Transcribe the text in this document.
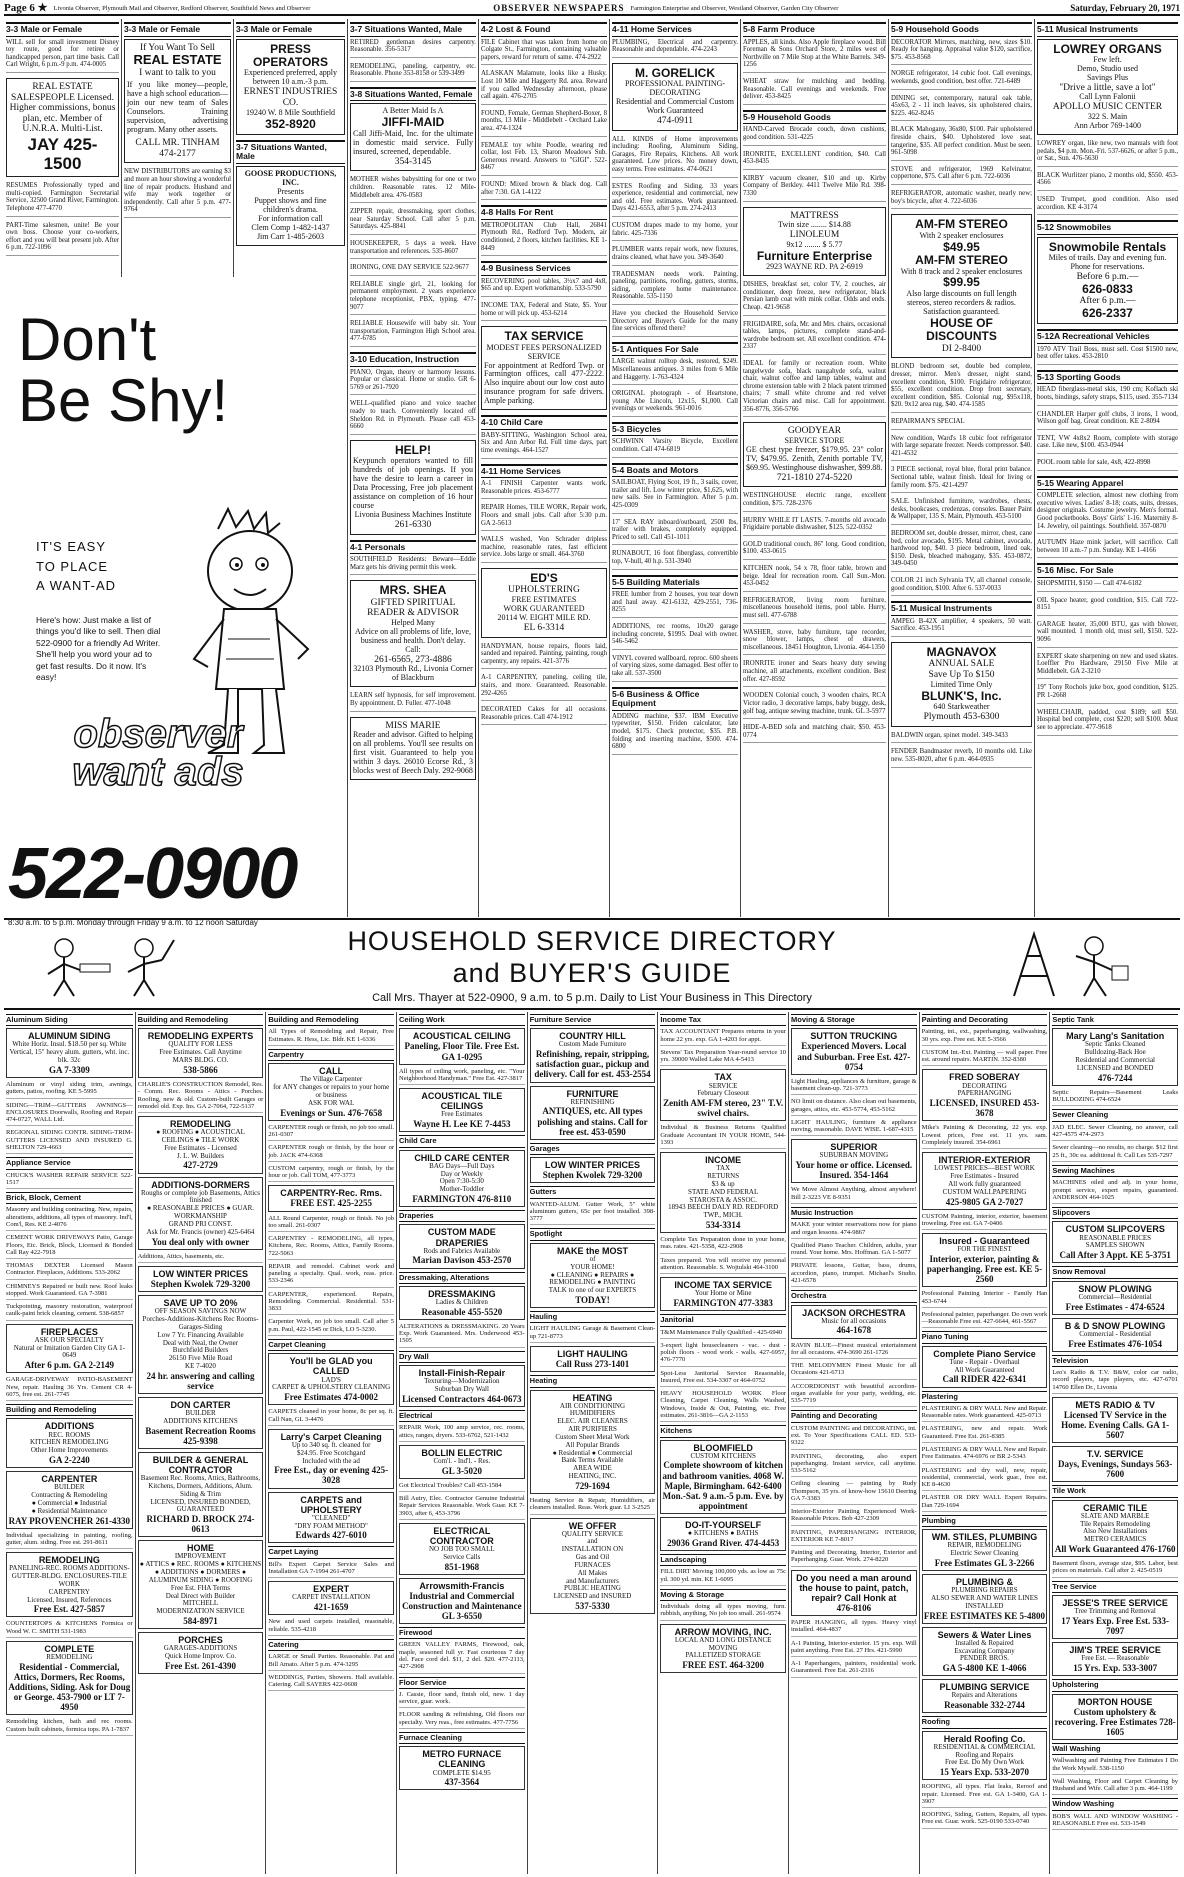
Page 6 ★ Livonia Observer, Plymouth Mail and Observer, Redford Observer, Southfield News and Observer	OBSERVER NEWSPAPERS Farmington Enterprise and Observer, Westland Observer, Garden City Observer	Saturday, February 20, 1971
3-3 Male or Female
WILL sell for small investment Disney toy route, good for retiree or handicapped person, part time basis. Call Carl Wright, 6 p.m.-9 p.m. 474-0005
REAL ESTATE SALESPEOPLE Licensed. Higher commissions, bonus plan, etc. Member of U.N.R.A. Multi-List.
JAY 425-1500
RESUMES Professionally typed and multi-copied. Farmington Secretarial Service, 32500 Grand River, Farmington. Telephone 477-4770
PART-Time salesmen, unite! Be your own boss. Choose your co-workers, effort and you will beat present job. After 6 p.m. 722-1096
3-3 Male or Female
If You Want To Sell
REAL ESTATE
I want to talk to you
If you like money—people, have a high school education—join our new team of Sales Counselors. Training supervision, advertising program. Many other assets.
CALL MR. TINHAM
474-2177
NEW DISTRIBUTORS are earning $3 and more an hour showing a wonderful line of repair products. Husband and wife may work together or independently. Call after 5 p.m. 477-9764
3-3 Male or Female
PRESS OPERATORS
Experienced preferred, apply between 10 a.m.-3 p.m.
ERNEST INDUSTRIES CO.
19240 W. 8 Mile Southfield
352-8920
3-7 Situations Wanted, Male
GOOSE PRODUCTIONS, INC.
Presents
Puppet shows and fine children's drama.
For information call
Clem Comp 1-482-1437
Jim Carr 1-485-2603
Don't
Be Shy!
IT'S EASY
TO PLACE
A WANT-AD
Here's how: Just make a list of things you'd like to sell. Then dial 522-0900 for a friendly Ad Writer. She'll help you word your ad to get fast results. Do it now. It's easy!
observer
want ads
522-0900
8:30 a.m. to 5 p.m. Monday through Friday 9 a.m. to 12 noon Saturday
3-7 Situations Wanted, Male
RETIRED gentleman desires carpentry. Reasonable. 356-5317
REMODELING, paneling, carpentry, etc. Reasonable. Phone 353-8158 or 539-3499
3-8 Situations Wanted, Female
A Better Maid Is A
JIFFI-MAID
Call Jiffi-Maid, Inc. for the ultimate in domestic maid service. Fully insured, screened, dependable.
354-3145
MOTHER wishes babysitting for one or two children. Reasonable rates. 12 Mile-Middlebelt area. 476-0583
ZIPPER repair, dressmaking, sport clothes, near Saturday School. Call after 5 p.m. Saturdays. 425-8841
HOUSEKEEPER, 5 days a week. Have transportation and references. 535-8607
IRONING, ONE DAY SERVICE 522-9677
RELIABLE single girl, 21, looking for permanent employment. 2 years experience telephone receptionist, PBX, typing. 477-9077
RELIABLE Housewife will baby sit. Your transportation, Farmington High School area. 477-6785
3-10 Education, Instruction
PIANO, Organ, theory or harmony lessons. Popular or classical. Home or studio. GR 6-5769 or 261-7920
WELL-qualified piano and voice teacher ready to teach. Conveniently located off Sheldon Rd. in Plymouth. Please call 453-6660
HELP!
Keypunch operators wanted to fill hundreds of job openings. If you have the desire to learn a career in Data Processing, Free job placement assistance on completion of 16 hour course
Livonia Business Machines Institute
261-6330
4-1 Personals
SOUTHFIELD Residents: Beware—Eddie Marz gets his driving permit this week.
MRS. SHEA
GIFTED SPIRITUAL READER & ADVISOR
Helped Many
Advice on all problems of life, love, business and health. Don't delay. Call:
261-6565, 273-4886
32103 Plymouth Rd., Livonia Corner of Blackburn
LEARN self hypnosis, for self improvement. By appointment. D. Fuller. 477-1048
MISS MARIE
Reader and advisor. Gifted to helping on all problems. You'll see results on first visit. Guaranteed to help you within 3 days. 26010 Ecorse Rd., 3 blocks west of Beech Daly. 292-9068
4-2 Lost & Found
FILE Cabinet that was taken from home on Colgate St., Farmington, containing valuable papers, reward for return of same. 474-2922
ALASKAN Malamute, looks like a Husky. Lost 10 Mile and Haggerty Rd. area. Reward if you called Wednesday afternoon, please call again. 476-2705
FOUND, Female, German Shepherd-Boxer, 8 months, 13 Mile - Middlebelt - Orchard Lake area. 474-1324
FEMALE toy white Poodle, wearing red collar, lost Feb. 13, Sharon Meadows Sub. Generous reward. Answers to "GIGI". 522-8467
FOUND: Mixed brown & black dog. Call after 7:30. GA 1-4122
4-8 Halls For Rent
METROPOLITAN Club Hall, 26841 Plymouth Rd., Redford Twp. Modern, air conditioned, 2 floors, kitchen facilities. KE 1-8449
4-9 Business Services
RECOVERING pool tables, 3½x7 and 4x8, $65 and up. Expert workmanship. 533-5790
INCOME TAX, Federal and State, $5. Your home or will pick up. 453-6214
TAX SERVICE
MODEST FEES PERSONALIZED SERVICE
For appointment at Redford Twp. or Farmington offices, call 477-2222. Also inquire about our low cost auto insurance program for safe drivers. Ample parking.
4-10 Child Care
BABY-SITTING, Washington School area, Six and Ann Arbor Rd. Full time days, part time evenings. 464-1527
4-11 Home Services
A-1 FINISH Carpenter wants work. Reasonable prices. 453-6777
REPAIR Homes, TILE WORK, Repair work, Floors and small jobs. Call after 5:30 p.m. GA 2-5613
WALLS washed, Von Schrader dripless machine, reasonable rates, fast efficient service. Jobs large or small. 464-3760
ED'S
UPHOLSTERING
FREE ESTIMATES
WORK GUARANTEED
20114 W. EIGHT MILE RD.
EL 6-3314
HANDYMAN, house repairs, floors laid, sanded and repaired. Painting, painting, rough carpentry, any repairs. 421-3776
A-1 CARPENTRY, paneling, ceiling tile, stairs, and more. Guaranteed. Reasonable. 292-4265
DECORATED Cakes for all occasions. Reasonable prices. Call 474-1912
4-11 Home Services
PLUMBING, Electrical and carpentry. Reasonable and dependable. 474-2243
M. GORELICK
PROFESSIONAL PAINTING-DECORATING
Residential and Commercial Custom Work Guaranteed
474-0911
ALL KINDS of Home improvements including: Roofing, Aluminum Siding, Garages, Fire Repairs, Kitchens. All work guaranteed. Low prices. No money down, easy terms. Free estimates. 474-0621
ESTES Roofing and Siding. 33 years experience, residential and commercial, new and old. Free estimates. Work guaranteed. Days 421-6553, after 5 p.m. 274-2413
CUSTOM drapes made to my home, your fabric. 425-7336
PLUMBER wants repair work, new fixtures, drains cleaned, what have you. 349-3640
TRADESMAN needs work. Painting, paneling, partitions, roofing, gutters, storms, siding, complete home maintenance. Reasonable. 535-1150
Have you checked the Household Service Directory and Buyer's Guide for the many fine services offered there?
5-1 Antiques For Sale
LARGE walnut rolltop desk, restored, $249. Miscellaneous antiques. 3 miles from 6 Mile and Haggerty. 1-763-4324
ORIGINAL photograph - of Heartstone, young Abe Lincoln, 12x15, $1,000. Call evenings or weekends. 961-0016
5-3 Bicycles
SCHWINN Varsity Bicycle, Excellent condition. Call 474-6819
5-4 Boats and Motors
SAILBOAT, Flying Scot, 19 ft., 3 sails, cover, trailer and lift. Low winter price, $1,625, with new sails. See in Farmington. After 5 p.m. 425-0309
17' SEA RAY inboard/outboard, 2500 lbs, trailer with brakes, completely equipped. Priced to sell. Call 451-1011
RUNABOUT, 16 foot fiberglass, convertible top, V-hull, 40 h.p. 531-3940
5-5 Building Materials
FREE lumber from 2 houses, you tear down and haul away. 421-6132, 429-2551, 736-8255
ADDITIONS, rec rooms, 10x20 garage including concrete, $1995. Deal with owner. 546-5462
VINYL covered wallboard, reproc. 600 sheets of varying sizes, some damaged. Best offer to take all. 537-3500
5-6 Business & Office Equipment
ADDING machine, $37. IBM Executive typewriter, $150. Friden calculator, late model, $175. Check protector, $35. P.B. folding and inserting machine, $500. 474-6800
5-8 Farm Produce
APPLES, all kinds. Also Apple fireplace wood. Bill Foreman & Sons Orchard Store, 2 miles west of Northville on 7 Mile Stop at the White Barrels. 349-1256
WHEAT straw for mulching and bedding. Reasonable. Call evenings and weekends. Free deliver. 453-8425
5-9 Household Goods
HAND-Carved Brocade couch, down cushions, good condition. 531-4225
IRONRITE, EXCELLENT condition, $40. Call 453-8435
KIRBY vacuum cleaner, $10 and up. Kirby Company of Berkley. 4411 Twelve Mile Rd. 398-7330
MATTRESS
Twin size ........ $14.88
LINOLEUM
9x12 ........ $ 5.77
Furniture Enterprise
2923 WAYNE RD. PA 2-6919
DISHES, breakfast set, color TV, 2 couches, air conditioner, deep freeze, new refrigerator, black Persian lamb coat with mink collar. Odds and ends. Cheap. 421-9658
FRIGIDAIRE, sofa, Mr. and Mrs. chairs, occasional tables, lamps, pictures, complete stand-and-wardrobe bedroom set. All excellent condition. 474-2337
IDEAL for family or recreation room. White tangelwydе sofa, black naugahyde sofa, walnut chair, walnut coffee and lamp tables, walnut and chrome extension table with 2 black patent trimmed chairs; 7 small white chrome and red velvet Victorian chairs and misc. Call for appointment. 356-8776, 356-5766
GOODYEAR
SERVICE STORE
GE chest type freezer, $179.95. 23" color TV, $479.95. Zenith, Zenith portable TV, $69.95. Westinghouse dishwasher, $99.88.
721-1810 274-5220
WESTINGHOUSE electric range, excellent condition, $75. 728-2376
HURRY WHILE IT LASTS. 7-months old avocado Frigidaire portable dishwasher, $125. 522-0352
GOLD traditional couch, 86" long. Good condition, $100. 453-0615
KITCHEN nook, 54 x 78, floor table, brown and beige. Ideal for recreation room. Call Sun.-Mon. 453-0452
REFRIGERATOR, living room furniture, miscellaneous household items, pool table. Hurry, must sell. 477-6788
WASHER, stove, baby furniture, tape recorder, snow blower, lamps, chest of drawers, miscellaneous. 18451 Houghton, Livonia. 464-1350
IRONRITE ironer and Sears heavy duty sewing machine, all attachments, excellent condition. Best offer. 427-8592
WOODEN Colonial couch, 3 wooden chairs, RCA Victor radio, 3 decorative lamps, baby buggy, desk, golf bag, antique sewing machine, trunk. GL 3-5977
HIDE-A-BED sofa and matching chair, $50. 453-0774
5-9 Household Goods
DECORATOR Mirrors, matching, new, sizes $10. Ready for hanging. Appraisal value $120, sacrifice, $75. 453-8568
NORGE refrigerator, 14 cubic foot. Call evenings, weekends, good condition, best offer. 721-6489
DINING set, contemporary, natural oak table, 45x63, 2 - 11 inch leaves, six upholstered chairs, $225. 462-8245
BLACK Mahogany, 36x80, $100. Pair upholstered fireside chairs, $40. Upholstered love seat, tangerine, $35. All perfect condition. Must be seen. 961-5098
STOVE and refrigerator, 1969 Kelvinator, coppertone, $75. Call after 6 p.m. 722-6036
REFRIGERATOR, automatic washer, nearly new; boy's bicycle, after 4. 722-6036
AM-FM STEREO
With 2 speaker enclosures
$49.95
AM-FM STEREO
With 8 track and 2 speaker enclosures
$99.95
Also large discounts on full length stereos, stereo recorders & radios. Satisfaction guaranteed.
HOUSE OF DISCOUNTS
DI 2-8400
BLOND bedroom set, double bed complete, dresser, mirror. Men's dresser, night stand, excellent condition, $100. Frigidaire refrigerator, $55, excellent condition. Drop front secretary, excellent condition, $85. Colonial rug, $95x118, $20. 9x12 area rug, $40. 474-1585
REPAIRMAN'S SPECIAL
New condition, Ward's 18 cubic foot refrigerator with large separate freezer. Needs compressor. $40. 421-4532
3 PIECE sectional, royal blue, floral print balance. Sectional table, walnut finish. Ideal for living or family room. $75. 421-4297
SALE. Unfinished furniture, wardrobes, chests, desks, bookcases, credenzas, consoles. Bauer Paint & Wallpaper, 135 S. Main, Plymouth. 453-5100
BEDROOM set, double dresser, mirror, chest, cane bed, color avocado, $195. Metal cabinet, avocado, hardwood top, $40. 3 piece bedroom, lined oak, $150. Desk, bleached mahogany, $35. 453-0872, 349-0450
COLOR 21 inch Sylvania TV, all channel console, good condition, $100. After 6. 537-0033
5-11 Musical Instruments
AMPEG B-42X amplifier, 4 speakers, 50 watt. Sacrifice. 453-1951
MAGNAVOX
ANNUAL SALE
Save Up To $150
Limited Time Only
BLUNK'S, Inc.
640 Starkweather
Plymouth 453-6300
BALDWIN organ, spinet model. 349-3433
FENDER Bandmaster reverb, 10 months old. Like new. 535-8020, after 6 p.m. 464-0935
5-11 Musical Instruments
LOWREY ORGANS
Few left.
Demo, Studio used
Savings Plus
"Drive a little, save a lot"
Call Lynn Falonii
APOLLO MUSIC CENTER
322 S. Main
Ann Arbor 769-1400
LOWREY organ, like new, two manuals with foot pedals, $4 p.m. Mon.-Fri. 537-6626, or after 5 p.m., or Sat., Sun. 476-5630
BLACK Wurlitzer piano, 2 months old, $550. 453-4566
USED Trumpet, good condition. Also used accordion. KE 4-3174
5-12 Snowmobiles
Snowmobile Rentals
Miles of trails. Day and evening fun. Phone for reservations.
Before 6 p.m.—
626-0833
After 6 p.m.—
626-2337
5-12A Recreational Vehicles
1970 ATV Trail Boss, must sell. Cost $1500 new, best offer takes. 453-2810
5-13 Sporting Goods
HEAD fiberglass-metal skis, 190 cm; Koflach ski boots, bindings, safety straps, $115, used. 355-7134
CHANDLER Harper golf clubs, 3 irons, 1 wood, Wilson golf bag. Great condition. KE 2-8094
TENT, VW 4x8x2 Room, complete with storage case. Like new, $100. 453-0944
POOL room table for sale, 4x8, 422-8998
5-15 Wearing Apparel
COMPLETE selection, almost new clothing from executive wives. Ladies' 8-18; coats, suits, dresses, designer originals. Costume jewelry. Men's formal. Good pocketbooks. Boys' Girls' 1-16. Maternity 8-14. Jewelry, oil paintings. Southfield. 357-0870
AUTUMN Haze mink jacket, will sacrifice. Call between 10 a.m.-7 p.m. Sunday. KE 1-4166
5-16 Misc. For Sale
SHOPSMITH, $150 — Call 474-6182
OIL Space heater, good condition, $15. Call 722-8151
GARAGE heater, 35,000 BTU, gas with blower, wall mounted. 1 month old, must sell, $150. 522-9096
EXPERT skate sharpening on new and used skates. Loeffler Pro Hardware, 29150 Five Mile at Middlebelt. GA 2-3210
19" Tony Rochols juke box, good condition, $125. PR 1-2668
WHEELCHAIR, padded, cost $189; sell $50. Hospital bed complete, cost $220; sell $100. Must see to appreciate. 477-9618
HOUSEHOLD SERVICE DIRECTORY
and BUYER'S GUIDE
Call Mrs. Thayer at 522-0900, 9 a.m. to 5 p.m. Daily to List Your Business in This Directory
Aluminum Siding
ALUMINUM SIDING
White Horiz. Insul. $18.50 per sq. White Vertical, 15" heavy alum. gutters, wht. inc. blk. 32c
GA 7-3309
Aluminum or vinyl siding trim, awnings, gutters, patios, roofing. KE 5-5995
SIDING—TRIM—GUTTERS AWNINGS—ENCLOSURES Doorwalls, Roofing and Repair 474-0727, WALL Ltd.
REGIONAL SIDING CONTR. SIDING-TRIM-GUTTERS LICENSED AND INSURED G. SHELTON 729-4663
Appliance Service
CHUCK'S WASHER REPAIR SERVICE 522-1517
Brick, Block, Cement
Masonry and building contracting. New, repairs, alterations, additions, all types of masonry. Ind'l, Com'l, Res. KE 2-4076
CEMENT WORK DRIVEWAYS Patio, Garage Floors, Etc. Brick, Block, Licensed & Bonded Call Ray 422-7918
THOMAS DEXTER Licensed Mason Contractor. Fireplaces, Additions. 533-2062
CHIMNEYS Repaired or built new. Roof leaks stopped. Work Guaranteed. GA 7-3981
Tuckpointing, masonry restoration, waterproof caulk-paint brick cleaning, cement. 538-6857
FIREPLACES
ASK OUR SPECIALTY
Natural or Imitation Garden City GA 1-0649
After 6 p.m. GA 2-2149
GARAGE-DRIVEWAY PATIO-BASEMENT New, repair. Hauling 36 Yrs. Cement CR 4-6075, free est. 261-7745
Building and Remodeling
ADDITIONS
REC. ROOMS
KITCHEN REMODELING
Other Home Improvements
GA 2-2240
CARPENTER
BUILDER
Contracting & Remodeling
● Commercial ● Industrial
● Residential Maintenance
RAY PROVENCHER 261-4330
Individual specializing in painting, roofing, gutter, alum. siding. Free est. 291-8611
REMODELING
PANELING-REC. ROOMS ADDITIONS-GUTTER-BLDG. ENCLOSURES-TILE WORK
CARPENTRY
Licensed, Insured, References
Free Est. 427-5857
COUNTERTOPS & KITCHENS Formica or Wood W. C. SMITH 531-1983
COMPLETE
REMODELING
Residential - Commercial, Attics, Dormers, Rec Rooms, Additions, Siding. Ask for Doug or George. 453-7900 or LT 7-4950
Remodeling kitchen, bath and rec rooms. Custom built cabinets, formica tops. PA 1-7837
Building and Remodeling
REMODELING EXPERTS
QUALITY FOR LESS
Free Estimates. Call Anytime
MARS BLDG. CO.
538-5866
CHARLIE'S CONSTRUCTION Remodel, Res. - Comm. Rec. Rooms - Attics - Porches. Roofing, new & old. Custom-built Garages or remodel old. Exp. Ins. GA 2-7064, 722-5137
REMODELING
● ROOFING ● ACOUSTICAL CEILINGS ● TILE WORK
Free Estimates - Licensed
J. L. W. Builders
427-2729
ADDITIONS-DORMERS
Roughs or complete job Basements, Attics finished
● REASONABLE PRICES ● GUAR. WORKMANSHIP
GRAND PRI CONST.
Ask for Mr. Francis (owner) 425-6464
You deal only with owner
Additions, Attics, basements, etc.
LOW WINTER PRICES
Stephen Kwolek 729-3200
SAVE UP TO 20%
OFF SEASON SAVINGS NOW
Porches-Additions-Kitchens Rec Rooms-Garages-Siding
Low 7 Yr. Financing Available
Deal with Neal, the Owner
Burchfield Builders
26150 Five Mile Road
KE 7-4020
24 hr. answering and calling service
DON CARTER
BUILDER
ADDITIONS KITCHENS
Basement Recreation Rooms 425-9398
BUILDER & GENERAL CONTRACTOR
Basement Rec. Rooms, Attics, Bathrooms, Kitchens, Dormers, Additions, Alum. Siding & Trim
LICENSED, INSURED BONDED, GUARANTEED
RICHARD D. BROCK 274-0613
HOME
IMPROVEMENT
● ATTICS ● REC. ROOMS ● KITCHENS ● ADDITIONS ● DORMERS ● ALUMINUM SIDING ● ROOFING
Free Est. FHA Terms
Deal Direct with Builder
MITCHELL
MODERNIZATION SERVICE
584-8971
PORCHES
GARAGES-ADDITIONS
Quick Home Improv. Co.
Free Est. 261-4390
Building and Remodeling
All Types of Remodeling and Repair, Free Estimates. R. Hess, Lic. Bldr. KE 1-6336
Carpentry
CALL
The Village Carpenter
for ANY changes or repairs to your home or business
ASK FOR WAL
Evenings or Sun. 476-7658
CARPENTER rough or finish, no job too small. 261-0307
CARPENTER rough or finish, by the hour or job. JACK 474-6368
CUSTOM carpentry, rough or finish, by the hour or job. Call TOM, 477-3773
CARPENTRY-Rec. Rms.
FREE EST. 425-2255
ALL Round Carpenter, rough or finish. No job too small. 261-0307
CARPENTRY - REMODELING, all types, Kitchens, Rec. Rooms, Attics, Family Rooms. 722-5063
REPAIR and remodel. Cabinet work and paneling a specialty. Qual. work, reas. price. 533-2346
CARPENTER, experienced. Repairs, Remodeling. Commercial. Residential. 531-3833
Carpenter Work, no job too small. Call after 5 p.m. Paul, 422-1545 or Dick, LO 5-3230.
Carpet Cleaning
You'll be GLAD you CALLED
LAD'S
CARPET & UPHOLSTERY CLEANING
Free Estimates 474-0002
CARPETS cleaned in your home, 8c per sq. ft. Call Nan, GL 3-4476
Larry's Carpet Cleaning
Up to 340 sq. ft. cleaned for
$24.95. Free Scotchgard
Included with the ad
Free Est., day or evening 425-3028
CARPETS and UPHOLSTERY
"CLEANED"
"DRY FOAM METHOD"
Edwards 427-6010
Carpet Laying
Bill's Expert Carpet Service Sales and Installation GA 7-1994 261-4707
EXPERT
CARPET INSTALLATION
421-1659
New and used carpets installed, reasonable, reliable. 535-4218
Catering
LARGE or Small Parties. Reasonable. Pat and Bill Amato. After 5 p.m. 474-3295
WEDDINGS, Parties, Showers. Hall available. Catering. Call SAYERS 422-0608
Ceiling Work
ACOUSTICAL CEILING
Paneling, Floor Tile. Free Est. GA 1-0295
All types of ceiling work, paneling, etc. "Your Neighborhood Handyman." Free Est. 427-3817
ACOUSTICAL TILE CEILINGS
Free Estimates
Wayne H. Lee KE 7-4453
Child Care
CHILD CARE CENTER
BAG Days—Full Days
Day or Weekly
Open 7:30-5:30
Mother-Toddler
FARMINGTON 476-8110
Draperies
CUSTOM MADE DRAPERIES
Rods and Fabrics Available
Marian Davison 453-2570
Dressmaking, Alterations
DRESSMAKING
Ladies & Children
Reasonable 455-5520
ALTERATIONS & DRESSMAKING. 20 Years Exp. Work Guaranteed. Mrs. Underwood 453-1505
Dry Wall
Install-Finish-Repair
Texturing—Modernization
Suburban Dry Wall
Licensed Contractors 464-0673
Electrical
REPAIR Work, 100 amp service, rec. rooms, attics, ranges, dryers. 533-6762, 521-1432
BOLLIN ELECTRIC
Com'l. - Ind'l. - Res.
GL 3-5020
Got Electrical Troubles? Call 453-1584
Bill Autry, Elec. Contractor Genuine Industrial Repair Services Reasonable. Work Guar. KE 7-3903, after 6, 453-3796
ELECTRICAL CONTRACTOR
NO JOB TOO SMALL
Service Calls
851-1968
Arrowsmith-Francis
Industrial and Commercial Construction and Maintenance GL 3-6550
Firewood
GREEN VALLEY FARMS, Firewood, oak, maple, seasoned full yr. Fast courteous 7 day del. Face cord del. $11, 2 del. $20. 477-2113, 427-2908
Floor Service
J. Cassie, floor sand, finish old, new. 1 day service, guar. work.
FLOOR sanding & refinishing, Old floors our specialty. Very reas., free estimates. 477-7756
Furnace Cleaning
METRO FURNACE CLEANING
COMPLETE $14.95
437-3564
Furniture Service
COUNTRY HILL
Custom Made Furniture
Refinishing, repair, stripping, satisfaction guar., pickup and delivery. Call for est. 453-2554
FURNITURE
REFINISHING
ANTIQUES, etc. All types polishing and stains. Call for free est. 453-0590
Garages
LOW WINTER PRICES
Stephen Kwolek 729-3200
Gutters
WANTED-ALUM. Gutter Work, 5" white aluminum gutters, 65c per foot installed. 398-3777
Spotlight
MAKE the MOST
of
YOUR HOME!
● CLEANING ● REPAIRS ● REMODELING ● PAINTING
TALK to one of our EXPERTS
TODAY!
Hauling
LIGHT HAULING Garage & Basement Clean-up 721-8773
LIGHT HAULING
Call Russ 273-1401
Heating
HEATING
AIR CONDITIONING
HUMIDIFIERS
ELEC. AIR CLEANERS
AIR PURIFIERS
Custom Sheet Metal Work
All Popular Brands
● Residential ● Commercial
Bank Terms Available
AREA WIDE
HEATING, INC.
729-1694
Heating Service & Repair, Humidifiers, air cleaners installed. Reas. Work guar. LI 3-2525
WE OFFER
QUALITY SERVICE
and
INSTALLATION ON
Gas and Oil
FURNACES
All Makes
and Manufacturers
PUBLIC HEATING
LICENSED and INSURED
537-5330
Income Tax
TAX ACCOUNTANT Prepares returns in your home 22 yrs. exp. GA 1-4203 for appt.
Stevens' Tax Preparation Year-round service 10 yrs. 39000 Walled Lake MA 4-5413
TAX
SERVICE
February Closeout
Zenith AM-FM stereo, 23" T.V. swivel chairs.
Individual & Business Returns Qualified Graduate Accountant IN YOUR HOME, 544-1393
INCOME
TAX
RETURNS
$3 & up
STATE AND FEDERAL
STAROSTA & ASSOC.
18943 BEECH DALY RD. REDFORD TWP., MICH.
534-3314
Complete Tax Preparation done in your home, reas. rates. 421-5358, 422-2908
Taxes prepared. You will receive my personal attention. Reasonable. S. Wojtulski 464-3100
INCOME TAX SERVICE
Your Home or Mine
FARMINGTON 477-3383
Janitorial
T&M Maintenance Fully Qualified - 425-6940
3-expert light housecleaners - vac. - dust - polish floors - wood work - walls. 427-6957, 476-7770
Spot-Less Janitorial Service Reasonable, Insured, Free est. 534-3307 or 464-0752
HEAVY HOUSEHOLD WORK Floor Cleaning, Carpet Cleaning, Walls Washed, Windows, Inside & Out, Painting, etc. Free estimates. 261-3816—GA 2-1153
Kitchens
BLOOMFIELD
CUSTOM KITCHENS
Complete showroom of kitchen and bathroom vanities. 4068 W. Maple, Birmingham. 642-6400 Mon.-Sat. 9 a.m.-5 p.m. Eve. by appointment
DO-IT-YOURSELF
● KITCHENS ● BATHS
29036 Grand River. 474-4453
Landscaping
FILL DIRT Moving 100,000 yds. as low as 75c yd. 300 yd. min. KE 1-6095
Moving & Storage
Individuals doing all types moving, furn. rubbish, anything, No job too small. 261-9574
ARROW MOVING, INC.
LOCAL AND LONG DISTANCE MOVING
PALLETIZED STORAGE
FREE EST. 464-3200
Moving & Storage
SUTTON TRUCKING
Experienced Movers. Local and Suburban. Free Est. 427-0754
Light Hauling, appliances & furniture, garage & basement clean-up. 721-3773
NO limit on distance. Also clean out basements, garages, attics, etc. 453-5774, 453-5162
LIGHT HAULING, furniture & appliance moving, reasonable. DAVE WISE. 1-687-4315
SUPERIOR
SUBURBAN MOVING
Your home or office. Licensed. Insured. 354-1464
We Move Almost Anything, almost anywhere! Bill 2-3223 VE 8-9351
Music Instruction
MAKE your winter reservations now for piano and organ lessons. 474-9867
Qualified Piano Teacher. Children, adults, year round. Your home. Mrs. Hoffman. GA 1-5077
PRIVATE lessons, Guitar, bass, drums, accordion, piano, trumpet. Michael's Studio. 421-6578
Orchestra
JACKSON ORCHESTRA
Music for all occasions
464-1678
RAVIN BLUE—Finest musical entertainment for all occasions. 474-3690 261-1726
THE MELODYMEN Finest Music for all Occasions 421-6713
ACCORDIONIST with beautiful accordion-organ available for your party, wedding, etc. 535-7719
Painting and Decorating
CUSTOM PAINTING and DECORATING, int. ext. To Your Specifications CALL ED. 533-9322
PAINTING, decorating, also expert paperhanging. Instant service, call anytime. 533-5162
Ceiling cleaning — painting by Rudy Thompson, 35 yrs. of know-how 15610 Deering GA 7-3383
Interior-Exterior Painting Experienced Work-Reasonable Prices. Bob 427-2309
PAINTING, PAPERHANGING INTERIOR, EXTERIOR KE 7-8017
Painting and Decorating, Interior, Exterior and Paperhanging. Guar. Work. 274-8220
Do you need a man around the house to paint, patch, repair? Call Honk at
476-8106
PAPER HANGING, all types. Heavy vinyl installed. 464-4837
A-1 Painting, Interior-exterior. 15 yrs. exp. Will paint anything. Free Est. 27 Hrs. 421-5990
A-1 Paperhangers, painters, residential work. Guaranteed. Free Est. 261-2316
Painting and Decorating
Painting, int., ext., paperhanging, wallwashing, 30 yrs. exp. Free est. KE 5-3566
CUSTOM Int.-Ext. Painting — wall paper. Free est. around repairs. MARTIN. 352-8380
FRED SOBERAY
DECORATING
PAPERHANGING
LICENSED, INSURED 453-3678
Mike's Painting & Decorating, 22 yrs. exp. Lowest prices, Free est. 11 yrs. sam. Completely insured. 354-6961
INTERIOR-EXTERIOR
LOWEST PRICES—BEST WORK
Free Estimates - Insured
All work fully guaranteed
CUSTOM WALLPAPERING
425-9805 GA 2-7027
CUSTOM Painting, interior, exterior, basement troweling. Free est. GA 7-0406
Insured - Guaranteed
FOR THE FINEST
Interior, exterior, painting & paperhanging. Free est. KE 5-2560
Professional Painting Interior - Family Han 453-6744
Professional painter, paperhanger. Do own work—Reasonable Free est. 427-6644, 461-5567
Piano Tuning
Complete Piano Service
Tune - Repair - Overhaul
All Work Guaranteed
Call RIDER 422-6341
Plastering
PLASTERING & DRY WALL New and Repair. Reasonable rates. Work guaranteed. 425-0713
PLASTERING, new and repair. Work Guaranteed. Free Est. 261-8385
PLASTERING & DRY WALL New and Repair. Free Estimates. 474-6976 or BR 2-5343
PLASTERING and dry wall, new, repair, residential, commercial, work guar., free est. KE 8-4630
PLASTER OR DRY WALL Expert Repairs. Dan 729-1694
Plumbing
WM. STILES, PLUMBING
REPAIR, REMODELING
Electric Sewer Cleaning
Free Estimates GL 3-2266
PLUMBING &
PLUMBING REPAIRS
ALSO SEWER AND WATER LINES INSTALLED
FREE ESTIMATES KE 5-4800
Sewers & Water Lines
Installed & Repaired
Excavating Company
PENDER BROS.
GA 5-4800 KE 1-4066
PLUMBING SERVICE
Repairs and Alterations
Reasonable 332-2744
Roofing
Herald Roofing Co.
RESIDENTIAL & COMMERCIAL
Roofing and Repairs
Free Est. Do My Own Work
15 Years Exp. 533-2070
ROOFING, all types. Flat leaks, Reroof and repair. Licensed. Free est. GA 1-3400, GA 1-3907
ROOFING, Siding, Gutters, Repairs, all types. Free est. Guar. work. 525-0190 533-0740
Septic Tank
Mary Lang's Sanitation
Septic Tanks Cleaned
Bulldozing-Back Hoe
Residential and Commercial
LICENSED and BONDED
476-7244
Septic Repairs—Basement Leaks BULLDOZING 474-6524
Sewer Cleaning
JAD ELEC. Sewer Cleaning, no answer, call 427-4575 474-2973
Sewer cleaning—no results, no charge. $12 first 25 ft., 30c ea. additional ft. Call Les 535-7297
Sewing Machines
MACHINES oiled and adj. in your home, prompt service, expert repairs, guaranteed. ANDERSON 464-1025
Slipcovers
CUSTOM SLIPCOVERS
REASONABLE PRICES
SAMPLES SHOWN
Call After 3 Appt. KE 5-3751
Snow Removal
SNOW PLOWING
Commercial—Residential
Free Estimates - 474-6524
B & D SNOW PLOWING
Commercial - Residential
Free Estimates 476-1054
Television
Leo's Radio & T.V. B&W, color car radio, record players, tape players, etc. 427-6701 14760 Ellen Dr., Livonia
METS RADIO & TV
Licensed TV Service in the Home. Evening Calls. GA 1-5607
T.V. SERVICE
Days, Evenings, Sundays 563-7600
Tile Work
CERAMIC TILE
SLATE AND MARBLE
Tile Repairs Remodeling
Also New Installations
METRO CERAMICS
All Work Guaranteed 476-1760
Basement floors, average size, $95. Labor, best prices on materials. Call after 2. 425-0519
Tree Service
JESSE'S TREE SERVICE
Tree Trimming and Removal
17 Years Exp. Free Est. 533-7097
JIM'S TREE SERVICE
Free Est. — Reasonable
15 Yrs. Exp. 533-3007
Upholstering
MORTON HOUSE
Custom upholstery & recovering. Free Estimates 728-1605
Wall Washing
Wallwashing and Painting Free Estimates I Do the Work Myself. 538-1150
Wall Washing, Floor and Carpet Cleaning by Husband and Wife. Call after 3 p.m. 464-1199
Window Washing
BOB'S WALL AND WINDOW WASHING - REASONABLE Free est. 533-1549
